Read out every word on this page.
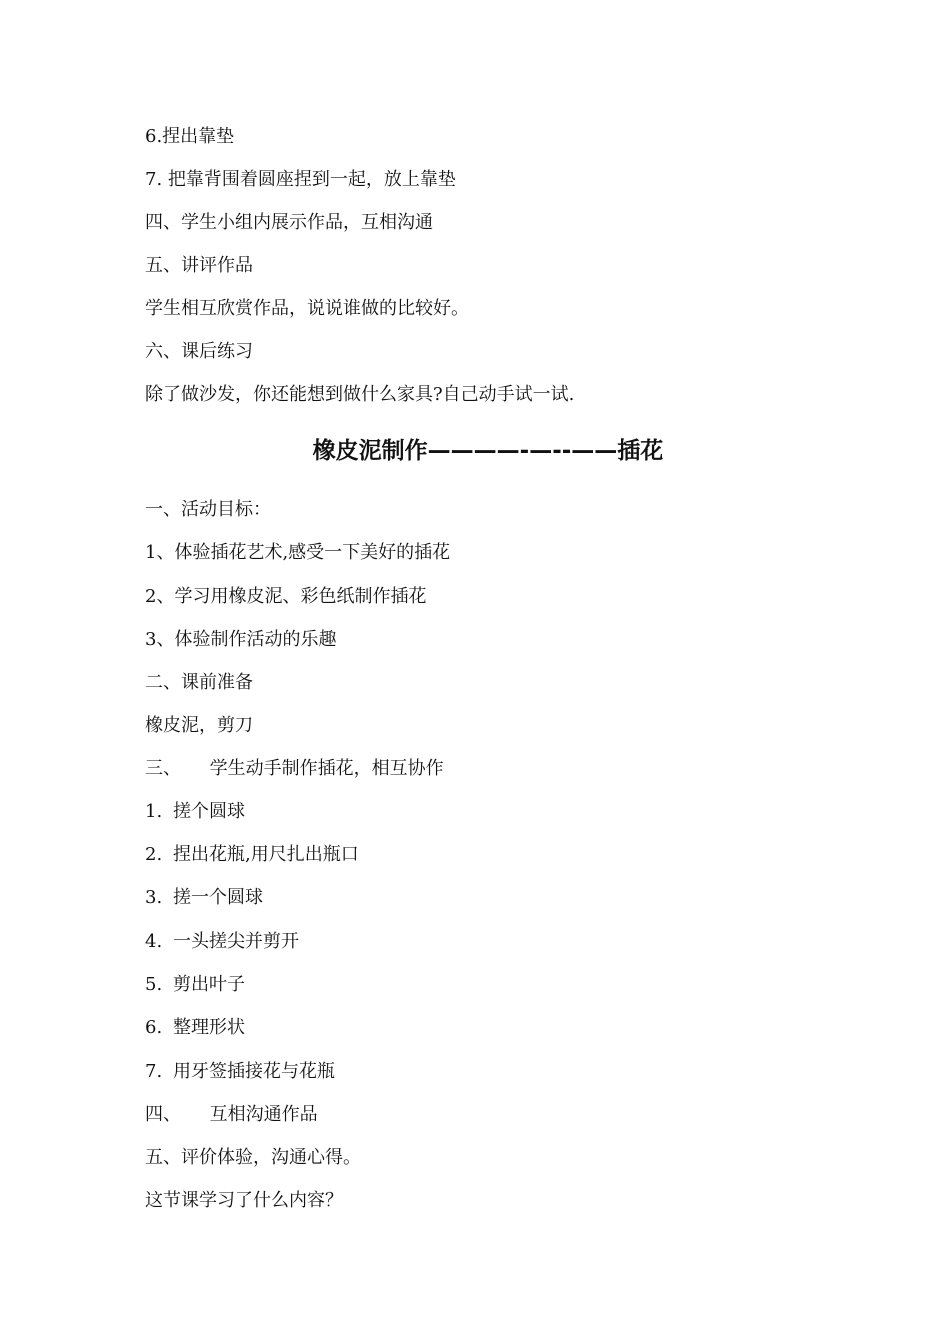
6.捏出靠垫
7. 把靠背围着圆座捏到一起，放上靠垫
四、学生小组内展示作品，互相沟通
五、讲评作品
学生相互欣赏作品，说说谁做的比较好。
六、课后练习
除了做沙发，你还能想到做什么家具?自己动手试一试.
橡皮泥制作————-—--——插花
一、活动目标：
1、体验插花艺术,感受一下美好的插花
2、学习用橡皮泥、彩色纸制作插花
3、体验制作活动的乐趣
二、课前准备
橡皮泥，剪刀
三、     学生动手制作插花，相互协作
1. 搓个圆球
2. 捏出花瓶,用尺扎出瓶口
3. 搓一个圆球
4. 一头搓尖并剪开
5. 剪出叶子
6. 整理形状
7. 用牙签插接花与花瓶
四、     互相沟通作品
五、评价体验，沟通心得。
这节课学习了什么内容？
